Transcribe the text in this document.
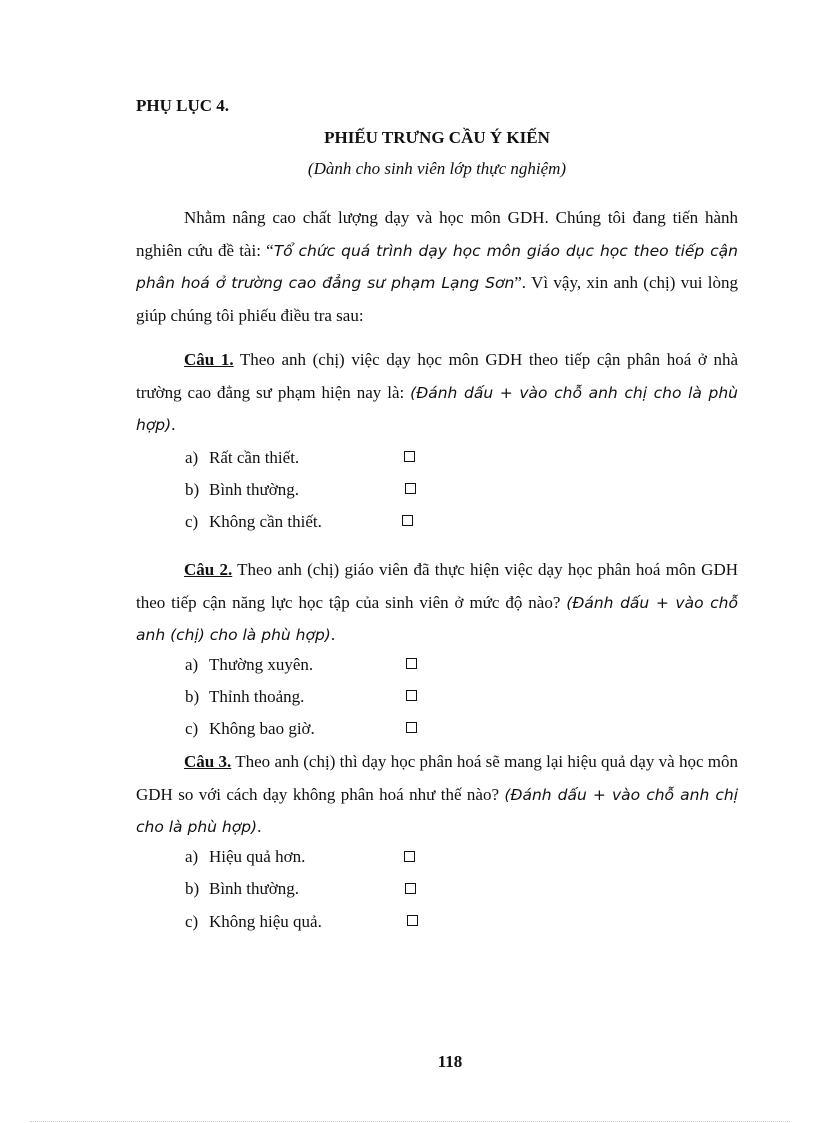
PHỤ LỤC 4.
PHIẾU TRƯNG CẦU Ý KIẾN
(Dành cho sinh viên lớp thực nghiệm)

Nhằm nâng cao chất lượng dạy và học môn GDH. Chúng tôi đang tiến hành nghiên cứu đề tài: “Tổ chức quá trình dạy học môn giáo dục học theo tiếp cận phân hoá ở trường cao đẳng sư phạm Lạng Sơn”. Vì vậy, xin anh (chị) vui lòng giúp chúng tôi phiếu điều tra sau:

Câu 1. Theo anh (chị) việc dạy học môn GDH theo tiếp cận phân hoá ở nhà trường cao đẳng sư phạm hiện nay là: (Đánh dấu + vào chỗ anh chị cho là phù hợp).

a) Rất cần thiết.
b) Bình thường.
c) Không cần thiết.

Câu 2. Theo anh (chị) giáo viên đã thực hiện việc dạy học phân hoá môn GDH theo tiếp cận năng lực học tập của sinh viên ở mức độ nào? (Đánh dấu + vào chỗ anh (chị) cho là phù hợp).

a) Thường xuyên.
b) Thỉnh thoảng.
c) Không bao giờ.

Câu 3. Theo anh (chị) thì dạy học phân hoá sẽ mang lại hiệu quả dạy và học môn GDH so với cách dạy không phân hoá như thế nào? (Đánh dấu + vào chỗ anh chị cho là phù hợp).

a) Hiệu quả hơn.
b) Bình thường.
c) Không hiệu quả.
118
